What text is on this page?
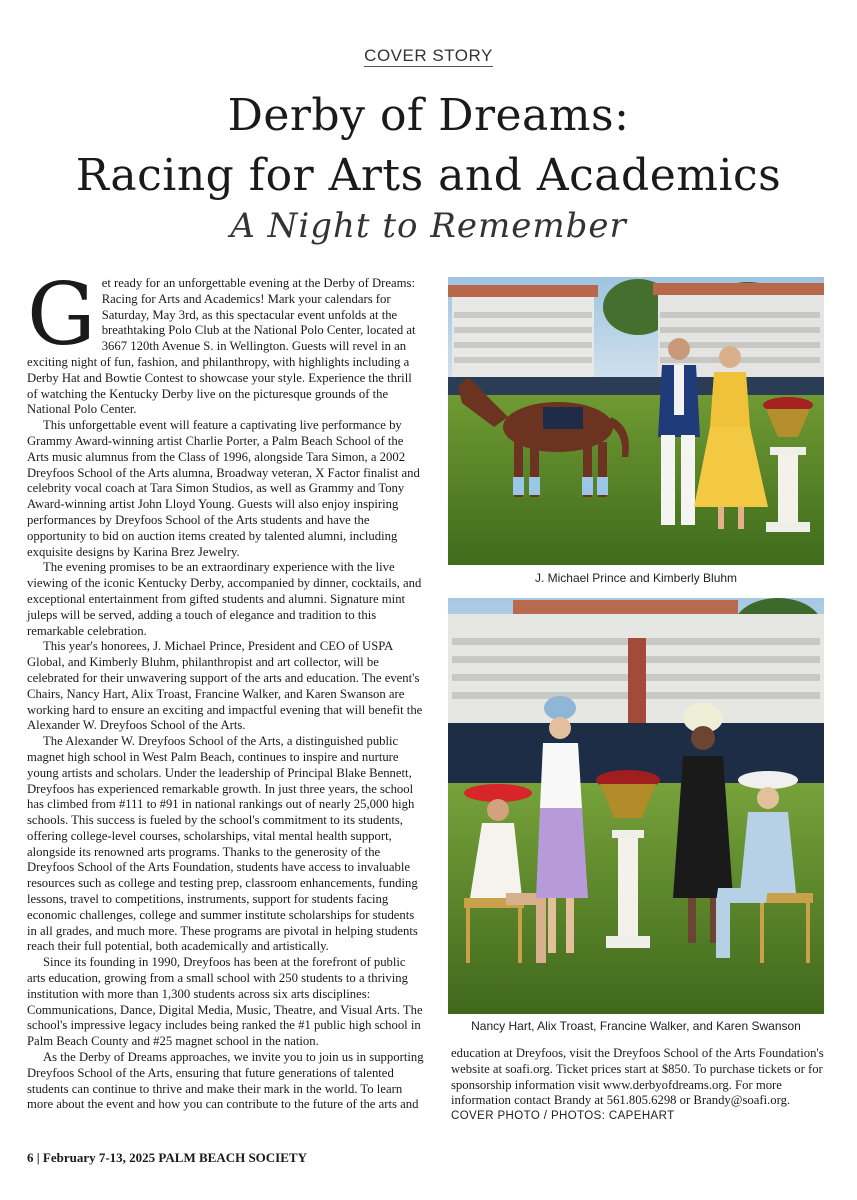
COVER STORY
Derby of Dreams:
Racing for Arts and Academics
A Night to Remember

Get ready for an unforgettable evening at the Derby of Dreams: Racing for Arts and Academics! Mark your calendars for Saturday, May 3rd, as this spectacular event unfolds at the breathtaking Polo Club at the National Polo Center, located at 3667 120th Avenue S. in Wellington. Guests will revel in an exciting night of fun, fashion, and philanthropy, with highlights including a Derby Hat and Bowtie Contest to showcase your style. Experience the thrill of watching the Kentucky Derby live on the picturesque grounds of the National Polo Center.

This unforgettable event will feature a captivating live performance by Grammy Award-winning artist Charlie Porter, a Palm Beach School of the Arts music alumnus from the Class of 1996, alongside Tara Simon, a 2002 Dreyfoos School of the Arts alumna, Broadway veteran, X Factor finalist and celebrity vocal coach at Tara Simon Studios, as well as Grammy and Tony Award-winning artist John Lloyd Young. Guests will also enjoy inspiring performances by Dreyfoos School of the Arts students and have the opportunity to bid on auction items created by talented alumni, including exquisite designs by Karina Brez Jewelry.

The evening promises to be an extraordinary experience with the live viewing of the iconic Kentucky Derby, accompanied by dinner, cocktails, and exceptional entertainment from gifted students and alumni. Signature mint juleps will be served, adding a touch of elegance and tradition to this remarkable celebration.

This year's honorees, J. Michael Prince, President and CEO of USPA Global, and Kimberly Bluhm, philanthropist and art collector, will be celebrated for their unwavering support of the arts and education. The event's Chairs, Nancy Hart, Alix Troast, Francine Walker, and Karen Swanson are working hard to ensure an exciting and impactful evening that will benefit the Alexander W. Dreyfoos School of the Arts.

The Alexander W. Dreyfoos School of the Arts, a distinguished public magnet high school in West Palm Beach, continues to inspire and nurture young artists and scholars. Under the leadership of Principal Blake Bennett, Dreyfoos has experienced remarkable growth. In just three years, the school has climbed from #111 to #91 in national rankings out of nearly 25,000 high schools. This success is fueled by the school's commitment to its students, offering college-level courses, scholarships, vital mental health support, alongside its renowned arts programs. Thanks to the generosity of the Dreyfoos School of the Arts Foundation, students have access to invaluable resources such as college and testing prep, classroom enhancements, funding lessons, travel to competitions, instruments, support for students facing economic challenges, college and summer institute scholarships for students in all grades, and much more. These programs are pivotal in helping students reach their full potential, both academically and artistically.

Since its founding in 1990, Dreyfoos has been at the forefront of public arts education, growing from a small school with 250 students to a thriving institution with more than 1,300 students across six arts disciplines: Communications, Dance, Digital Media, Music, Theatre, and Visual Arts. The school's impressive legacy includes being ranked the #1 public high school in Palm Beach County and #25 magnet school in the nation.

As the Derby of Dreams approaches, we invite you to join us in supporting Dreyfoos School of the Arts, ensuring that future generations of talented students can continue to thrive and make their mark in the world. To learn more about the event and how you can contribute to the future of the arts and

J. Michael Prince and Kimberly Bluhm
Nancy Hart, Alix Troast, Francine Walker, and Karen Swanson
education at Dreyfoos, visit the Dreyfoos School of the Arts Foundation's website at soafi.org. Ticket prices start at $850. To purchase tickets or for sponsorship information visit www.derbyofdreams.org. For more information contact Brandy at 561.805.6298 or Brandy@soafi.org.
COVER PHOTO / PHOTOS: CAPEHART
6 | February 7-13, 2025 PALM BEACH SOCIETY
